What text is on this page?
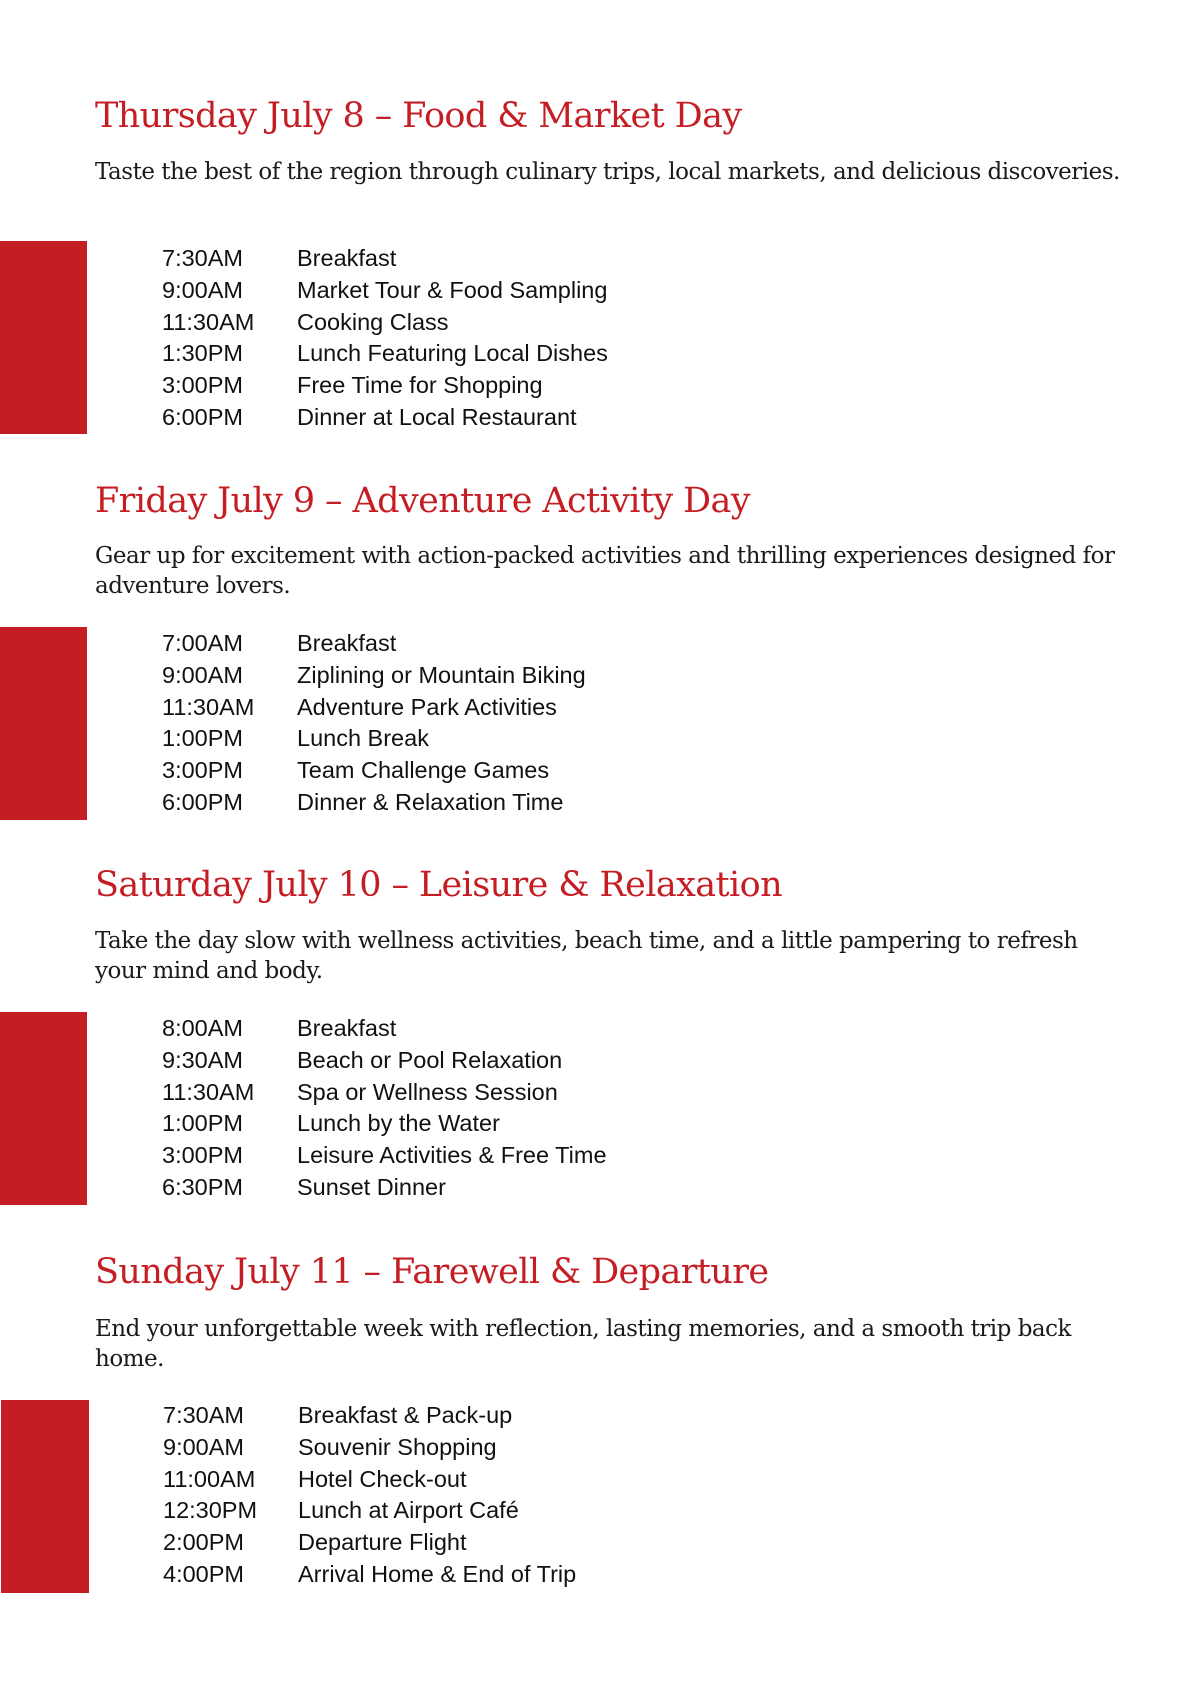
Thursday July 8 – Food & Market Day

Taste the best of the region through culinary trips, local markets, and delicious discoveries.

7:30AM	Breakfast
9:00AM	Market Tour & Food Sampling
11:30AM	Cooking Class
1:30PM	Lunch Featuring Local Dishes
3:00PM	Free Time for Shopping
6:00PM	Dinner at Local Restaurant
Friday July 9 – Adventure Activity Day

Gear up for excitement with action-packed activities and thrilling experiences designed for adventure lovers.

7:00AM	Breakfast
9:00AM	Ziplining or Mountain Biking
11:30AM	Adventure Park Activities
1:00PM	Lunch Break
3:00PM	Team Challenge Games
6:00PM	Dinner & Relaxation Time
Saturday July 10 – Leisure & Relaxation

Take the day slow with wellness activities, beach time, and a little pampering to refresh your mind and body.

8:00AM	Breakfast
9:30AM	Beach or Pool Relaxation
11:30AM	Spa or Wellness Session
1:00PM	Lunch by the Water
3:00PM	Leisure Activities & Free Time
6:30PM	Sunset Dinner
Sunday July 11 – Farewell & Departure

End your unforgettable week with reflection, lasting memories, and a smooth trip back home.

7:30AM	Breakfast & Pack-up
9:00AM	Souvenir Shopping
11:00AM	Hotel Check-out
12:30PM	Lunch at Airport Café
2:00PM	Departure Flight
4:00PM	Arrival Home & End of Trip
